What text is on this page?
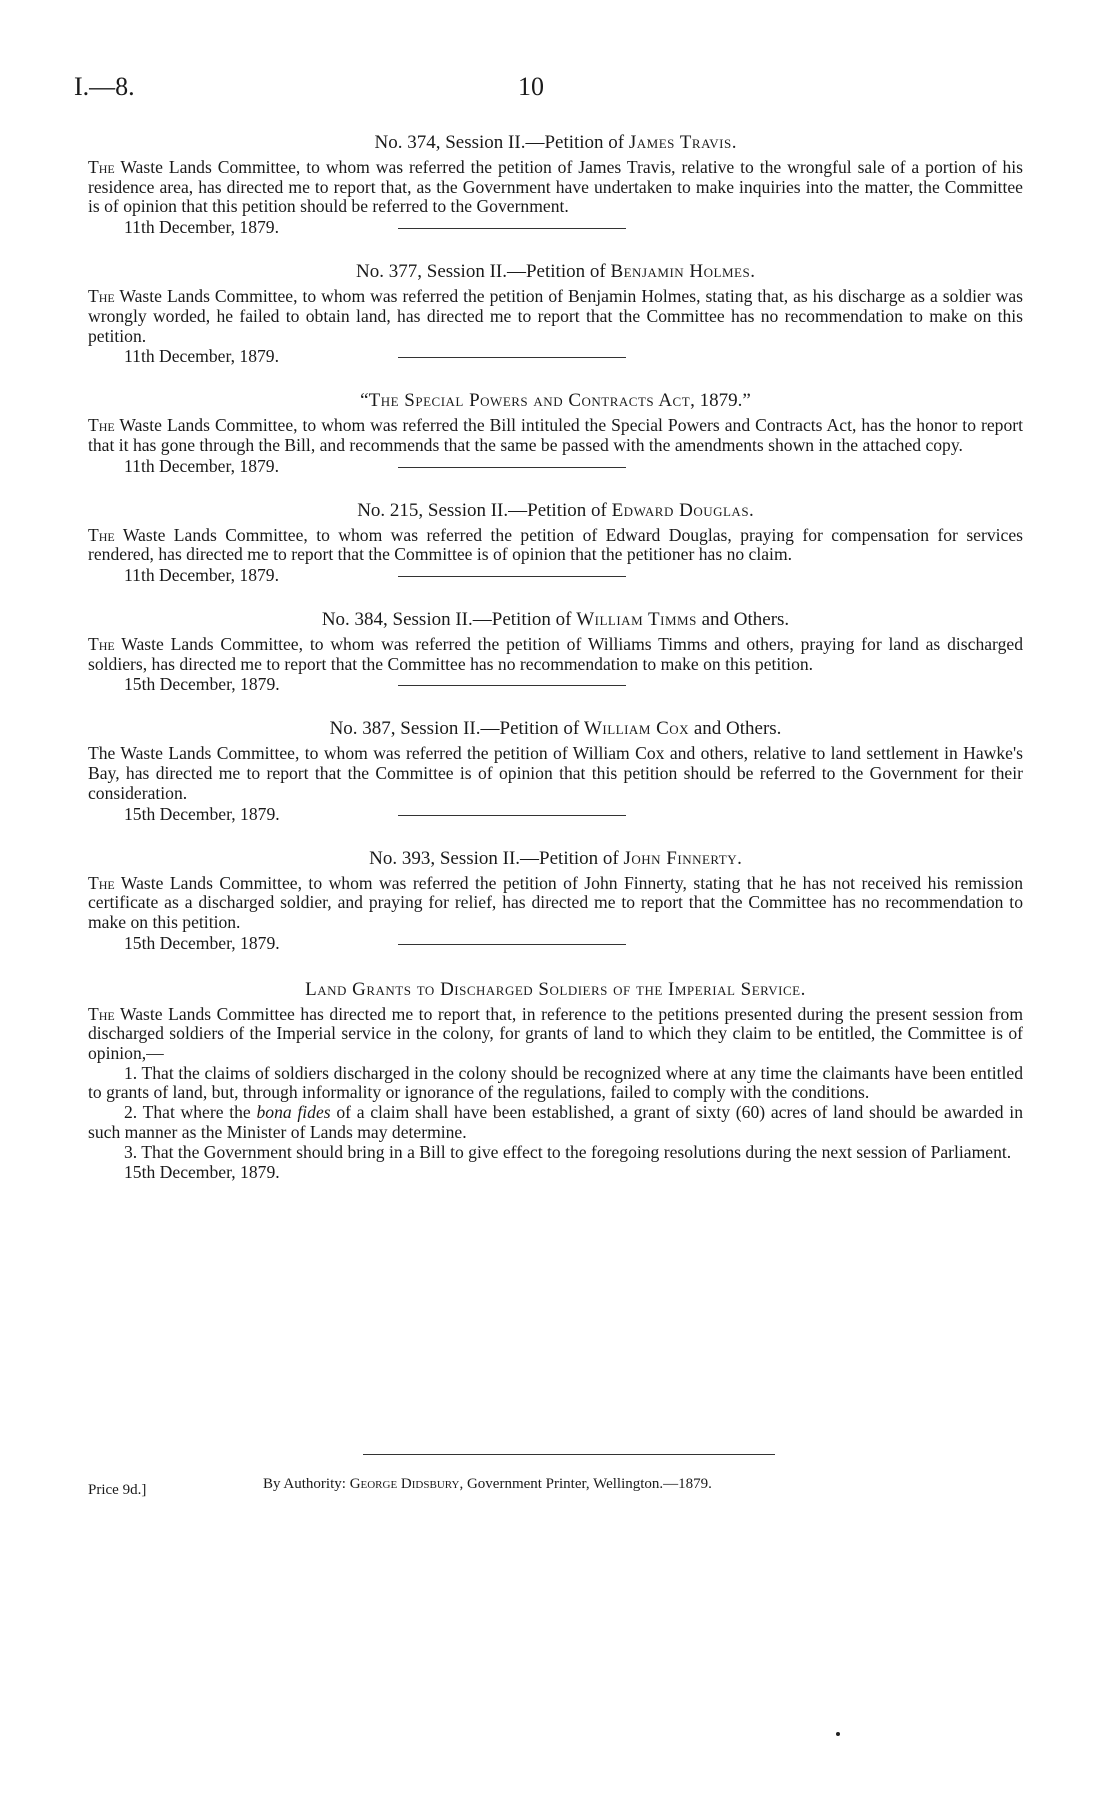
I.—8.	10
No. 374, Session II.—Petition of James Travis.

The Waste Lands Committee, to whom was referred the petition of James Travis, relative to the wrongful sale of a portion of his residence area, has directed me to report that, as the Government have undertaken to make inquiries into the matter, the Committee is of opinion that this petition should be referred to the Government.

11th December, 1879.
No. 377, Session II.—Petition of Benjamin Holmes.

The Waste Lands Committee, to whom was referred the petition of Benjamin Holmes, stating that, as his discharge as a soldier was wrongly worded, he failed to obtain land, has directed me to report that the Committee has no recommendation to make on this petition.

11th December, 1879.
“The Special Powers and Contracts Act, 1879.”

The Waste Lands Committee, to whom was referred the Bill intituled the Special Powers and Contracts Act, has the honor to report that it has gone through the Bill, and recommends that the same be passed with the amendments shown in the attached copy.

11th December, 1879.
No. 215, Session II.—Petition of Edward Douglas.

The Waste Lands Committee, to whom was referred the petition of Edward Douglas, praying for compensation for services rendered, has directed me to report that the Committee is of opinion that the petitioner has no claim.

11th December, 1879.
No. 384, Session II.—Petition of William Timms and Others.

The Waste Lands Committee, to whom was referred the petition of Williams Timms and others, praying for land as discharged soldiers, has directed me to report that the Committee has no recommendation to make on this petition.

15th December, 1879.
No. 387, Session II.—Petition of William Cox and Others.

The Waste Lands Committee, to whom was referred the petition of William Cox and others, relative to land settlement in Hawke's Bay, has directed me to report that the Committee is of opinion that this petition should be referred to the Government for their consideration.

15th December, 1879.
No. 393, Session II.—Petition of John Finnerty.

The Waste Lands Committee, to whom was referred the petition of John Finnerty, stating that he has not received his remission certificate as a discharged soldier, and praying for relief, has directed me to report that the Committee has no recommendation to make on this petition.

15th December, 1879.
Land Grants to Discharged Soldiers of the Imperial Service.

The Waste Lands Committee has directed me to report that, in reference to the petitions presented during the present session from discharged soldiers of the Imperial service in the colony, for grants of land to which they claim to be entitled, the Committee is of opinion,—

1. That the claims of soldiers discharged in the colony should be recognized where at any time the claimants have been entitled to grants of land, but, through informality or ignorance of the regulations, failed to comply with the conditions.

2. That where the bona fides of a claim shall have been established, a grant of sixty (60) acres of land should be awarded in such manner as the Minister of Lands may determine.

3. That the Government should bring in a Bill to give effect to the foregoing resolutions during the next session of Parliament.

15th December, 1879.
Price 9d.]	By Authority: George Didsbury, Government Printer, Wellington.—1879.
